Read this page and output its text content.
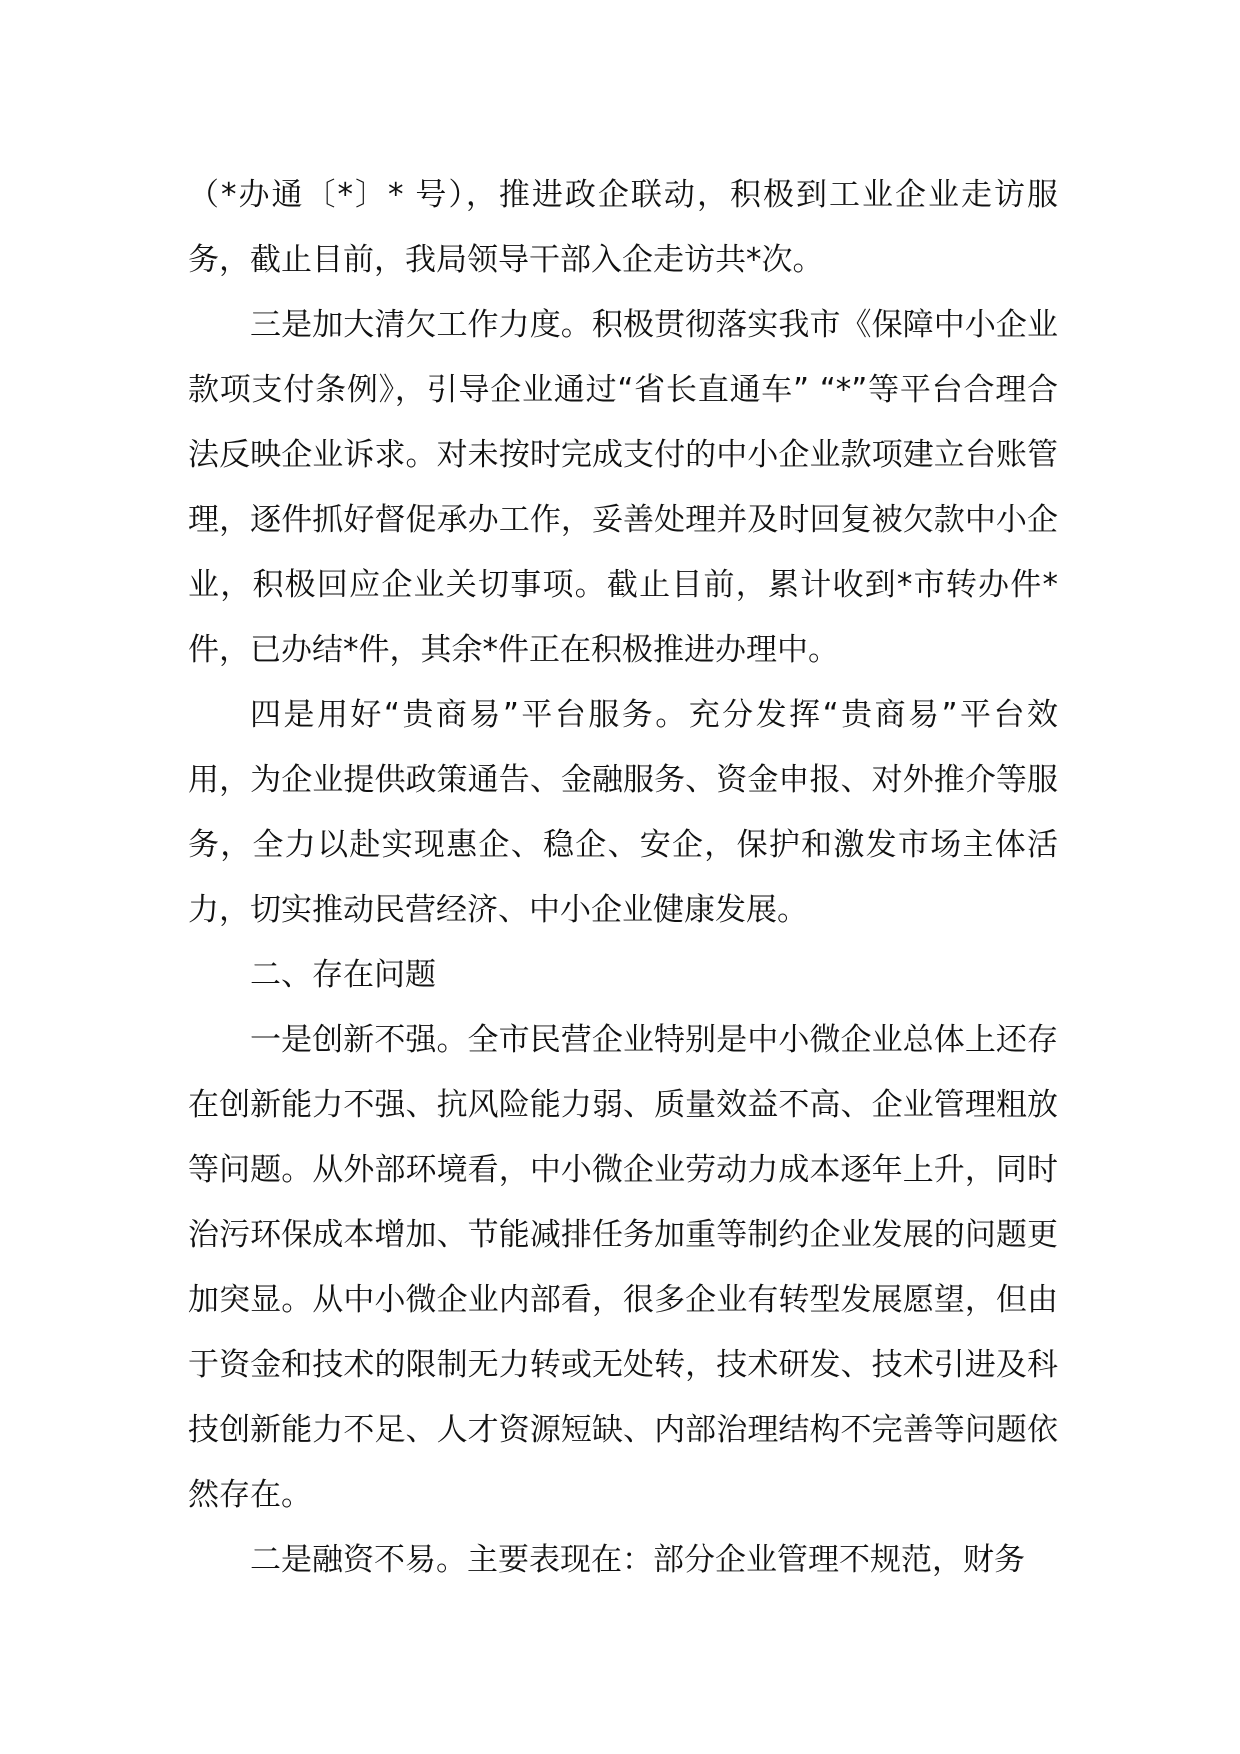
（*办通〔*〕* 号），推进政企联动，积极到工业企业走访服务，截止目前，我局领导干部入企走访共*次。

三是加大清欠工作力度。积极贯彻落实我市《保障中小企业款项支付条例》，引导企业通过“省长直通车” “*”等平台合理合法反映企业诉求。对未按时完成支付的中小企业款项建立台账管理，逐件抓好督促承办工作，妥善处理并及时回复被欠款中小企业，积极回应企业关切事项。截止目前，累计收到*市转办件*件，已办结*件，其余*件正在积极推进办理中。

四是用好“贵商易”平台服务。充分发挥“贵商易”平台效用，为企业提供政策通告、金融服务、资金申报、对外推介等服务，全力以赴实现惠企、稳企、安企，保护和激发市场主体活力，切实推动民营经济、中小企业健康发展。

二、存在问题

一是创新不强。全市民营企业特别是中小微企业总体上还存在创新能力不强、抗风险能力弱、质量效益不高、企业管理粗放等问题。从外部环境看，中小微企业劳动力成本逐年上升，同时治污环保成本增加、节能减排任务加重等制约企业发展的问题更加突显。从中小微企业内部看，很多企业有转型发展愿望，但由于资金和技术的限制无力转或无处转，技术研发、技术引进及科技创新能力不足、人才资源短缺、内部治理结构不完善等问题依然存在。

二是融资不易。主要表现在：部分企业管理不规范，财务
